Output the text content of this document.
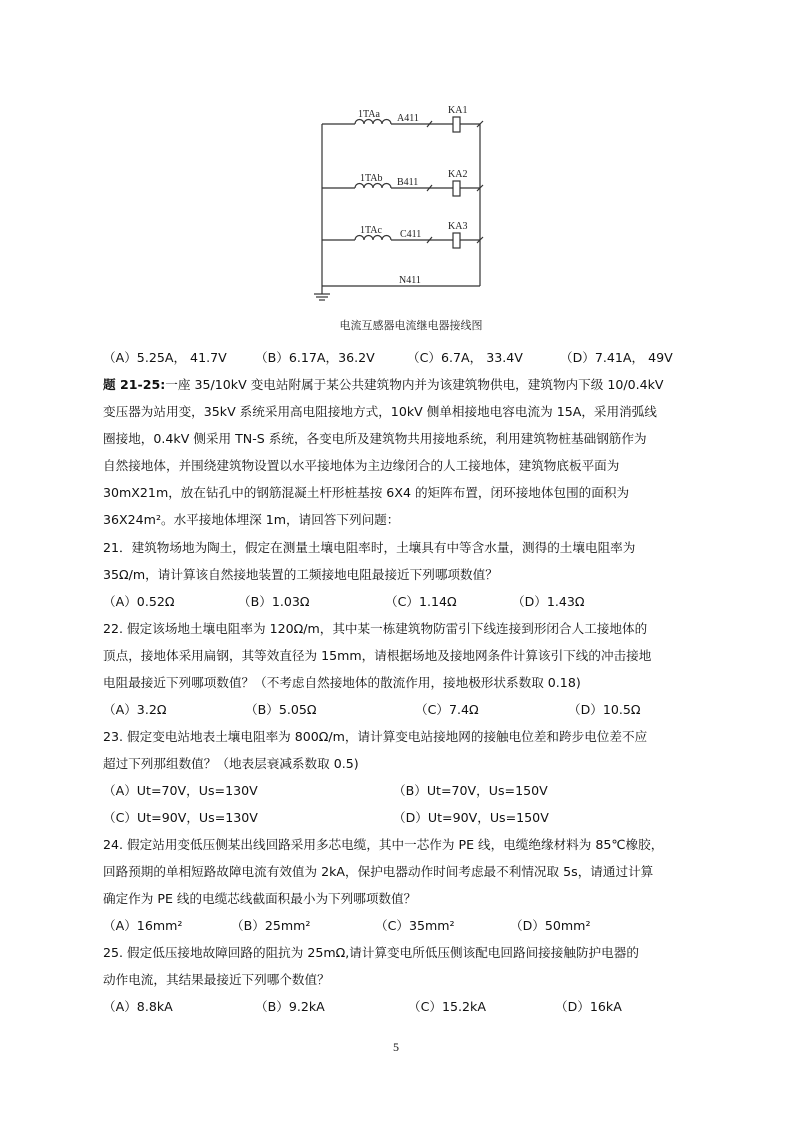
1TAa
1TAb
1TAc
A411
B411
C411
N411
KA1
KA2
KA3
电流互感器电流继电器接线图
（A）5.25A， 41.7V （B）6.17A，36.2V	（C）6.7A， 33.4V	（D）7.41A， 49V
题 21-25:一座 35/10kV 变电站附属于某公共建筑物内并为该建筑物供电，建筑物内下级 10/0.4kV
变压器为站用变，35kV 系统采用高电阻接地方式，10kV 侧单相接地电容电流为 15A，采用消弧线
圈接地，0.4kV 侧采用 TN-S 系统，各变电所及建筑物共用接地系统，利用建筑物桩基础钢筋作为
自然接地体，并围绕建筑物设置以水平接地体为主边缘闭合的人工接地体，建筑物底板平面为
30mX21m，放在钻孔中的钢筋混凝土杆形桩基按 6X4 的矩阵布置，闭环接地体包围的面积为
36X24m²。水平接地体埋深 1m，请回答下列问题：
21．建筑物场地为陶土，假定在测量土壤电阻率时，土壤具有中等含水量，测得的土壤电阻率为
35Ω/m，请计算该自然接地装置的工频接地电阻最接近下列哪项数值？
（A）0.52Ω	（B）1.03Ω	（C）1.14Ω	（D）1.43Ω
22. 假定该场地土壤电阻率为 120Ω/m，其中某一栋建筑物防雷引下线连接到形闭合人工接地体的
顶点，接地体采用扁钢，其等效直径为 15mm，请根据场地及接地网条件计算该引下线的冲击接地
电阻最接近下列哪项数值？（不考虑自然接地体的散流作用，接地极形状系数取 0.18)
（A）3.2Ω	（B）5.05Ω	（C）7.4Ω	（D）10.5Ω
23. 假定变电站地表土壤电阻率为 800Ω/m，请计算变电站接地网的接触电位差和跨步电位差不应
超过下列那组数值？（地表层衰减系数取 0.5)
（A）Ut=70V，Us=130V	（B）Ut=70V，Us=150V
（C）Ut=90V，Us=130V	（D）Ut=90V，Us=150V
24. 假定站用变低压侧某出线回路采用多芯电缆，其中一芯作为 PE 线，电缆绝缘材料为 85℃橡胶，
回路预期的单相短路故障电流有效值为 2kA，保护电器动作时间考虑最不利情况取 5s，请通过计算
确定作为 PE 线的电缆芯线截面积最小为下列哪项数值？
（A）16mm²	（B）25mm²	（C）35mm²	（D）50mm²
25. 假定低压接地故障回路的阻抗为 25mΩ,请计算变电所低压侧该配电回路间接接触防护电器的
动作电流，其结果最接近下列哪个数值？
（A）8.8kA	（B）9.2kA	（C）15.2kA	（D）16kA
5
